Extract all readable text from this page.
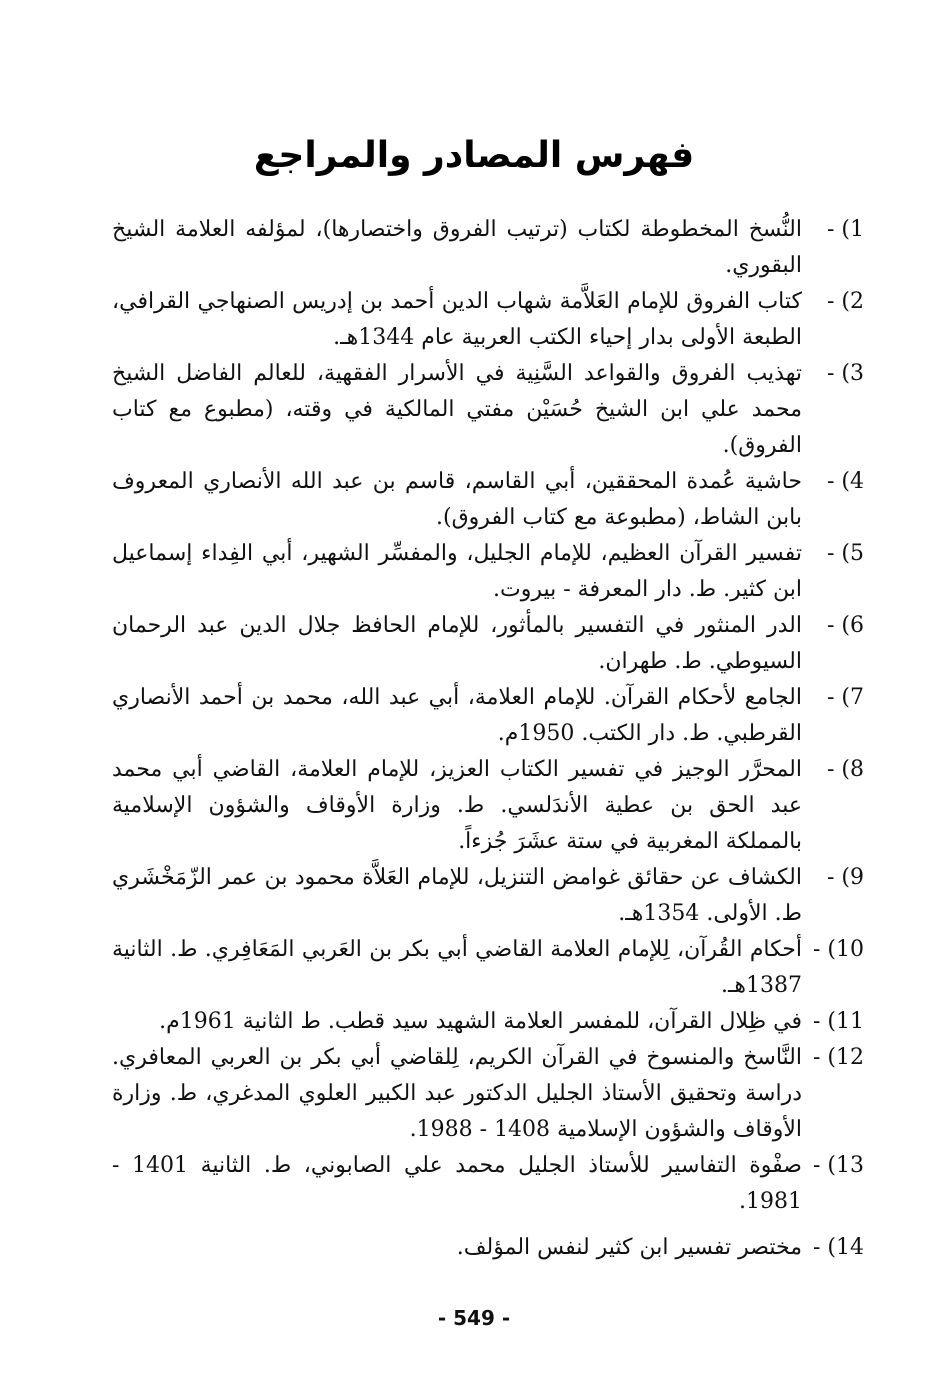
فهرس المصادر والمراجع
1) -
النُّسخ المخطوطة لكتاب (ترتيب الفروق واختصارها)، لمؤلفه العلامة الشيخ البقوري.
2) -
كتاب الفروق للإمام العَلاَّمة شهاب الدين أحمد بن إدريس الصنهاجي القرافي، الطبعة الأولى بدار إحياء الكتب العربية عام 1344هـ.
3) -
تهذيب الفروق والقواعد السَّنِية في الأسرار الفقهية، للعالم الفاضل الشيخ محمد علي ابن الشيخ حُسَيْن مفتي المالكية في وقته، (مطبوع مع كتاب الفروق).
4) -
حاشية عُمدة المحققين، أبي القاسم، قاسم بن عبد الله الأنصاري المعروف بابن الشاط، (مطبوعة مع كتاب الفروق).
5) -
تفسير القرآن العظيم، للإمام الجليل، والمفسِّر الشهير، أبي الفِداء إسماعيل ابن كثير. ط. دار المعرفة - بيروت.
6) -
الدر المنثور في التفسير بالمأثور، للإمام الحافظ جلال الدين عبد الرحمان السيوطي. ط. طهران.
7) -
الجامع لأحكام القرآن. للإمام العلامة، أبي عبد الله، محمد بن أحمد الأنصاري القرطبي. ط. دار الكتب. 1950م.
8) -
المحرَّر الوجيز في تفسير الكتاب العزيز، للإمام العلامة، القاضي أبي محمد عبد الحق بن عطية الأندَلسي. ط. وزارة الأوقاف والشؤون الإسلامية بالمملكة المغربية في ستة عشَرَ جُزءاً.
9) -
الكشاف عن حقائق غوامض التنزيل، للإمام العَلاَّة محمود بن عمر الزّمَخْشَري ط. الأولى. 1354هـ.
10) -
أحكام القُرآن، لِلإمام العلامة القاضي أبي بكر بن العَربي المَعَافِري. ط. الثانية 1387هـ.
11) -
في ظِلال القرآن، للمفسر العلامة الشهيد سيد قطب. ط الثانية 1961م.
12) -
النَّاسخ والمنسوخ في القرآن الكريم، لِلقاضي أبي بكر بن العربي المعافري. دراسة وتحقيق الأستاذ الجليل الدكتور عبد الكبير العلوي المدغري، ط. وزارة الأوقاف والشؤون الإسلامية 1408 - 1988.
13) -
صفْوة التفاسير للأستاذ الجليل محمد علي الصابوني، ط. الثانية 1401 - 1981.
14) -
مختصر تفسير ابن كثير لنفس المؤلف.
- 549 -
